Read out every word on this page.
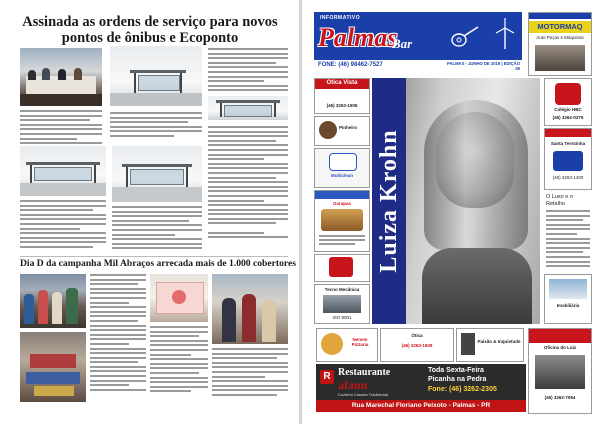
Assinada as ordens de serviço para novos pontos de ônibus e Ecoponto
Dia D da campanha Mil Abraços arrecada mais de 1.000 cobertores
INFORMATIVO
Palmas
Bar
FONE: (46) 98462-7527	PALMAS - JUNHO DE 2019 | EDIÇÃO 05
MOTORMAQ
Auto Peças e Máquinas
Ótica Vista
(46) 3263-1505
Pinheiro
Multiclean
Garapas
Tecno Mecânica
ISO 9001
Luiza Krohn
Colégio HBC
(46) 3262-0375
Santa Terezinha
(46) 3263-1400
O Luxo e o Retalho
Imobiliária
Nenem Pizzaria
Ótica
(46) 3263-1609
Paixão & Inquietude
Oficina do Luiz
(46) 3262-7094
R Restaurante
afann
Cozinha Caseira Tradicional
Toda Sexta-Feira
Picanha na Pedra
Fone: (46) 3262-2305
Rua Marechal Floriano Peixoto - Palmas - PR
